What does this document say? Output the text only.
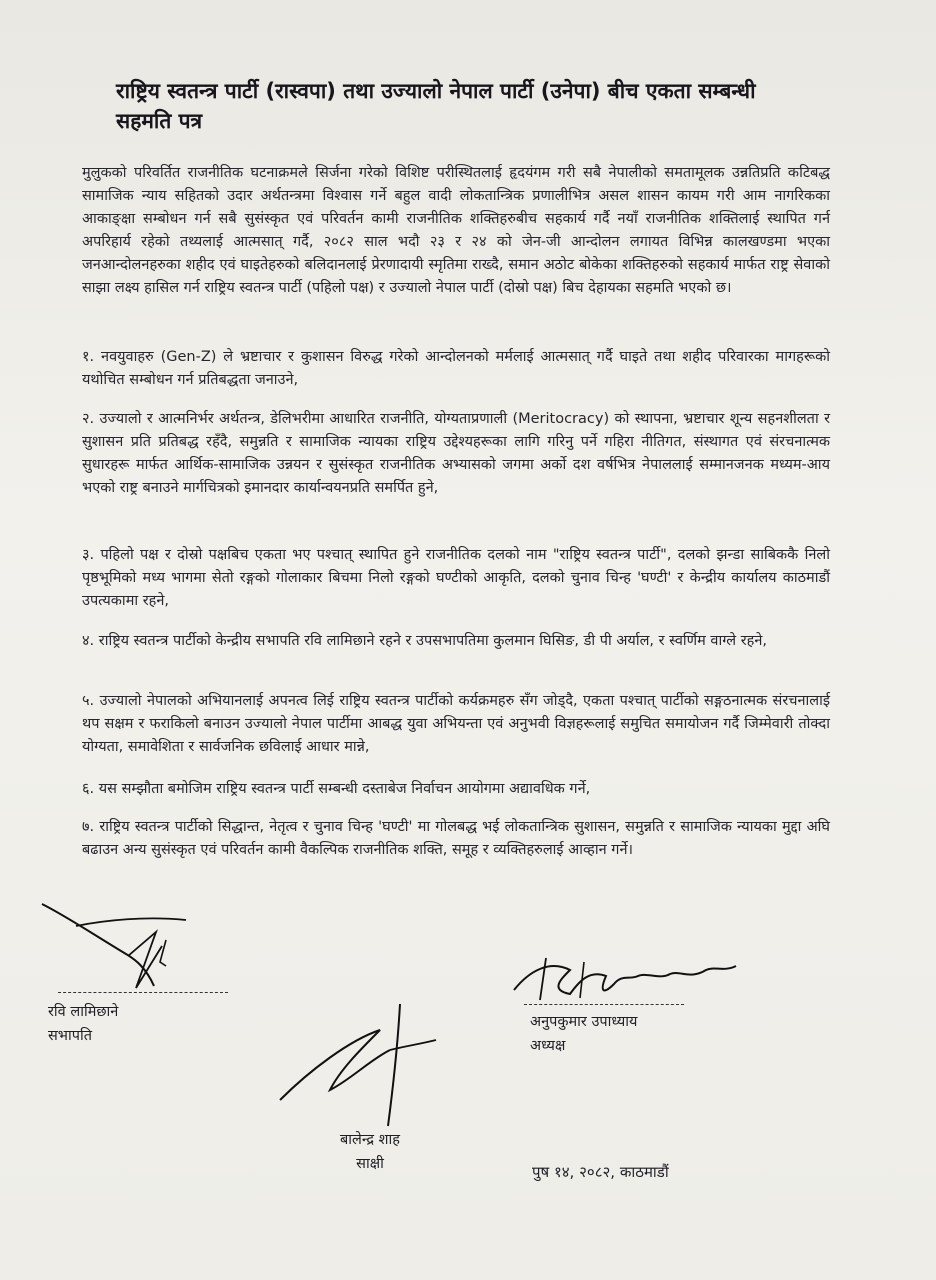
राष्ट्रिय स्वतन्त्र पार्टी (रास्वपा) तथा उज्यालो नेपाल पार्टी (उनेपा) बीच एकता सम्बन्धी सहमति पत्र

मुलुकको परिवर्तित राजनीतिक घटनाक्रमले सिर्जना गरेको विशिष्ट परीस्थितलाई हृदयंगम गरी सबै नेपालीको समतामूलक उन्नतिप्रति कटिबद्ध सामाजिक न्याय सहितको उदार अर्थतन्त्रमा विश्वास गर्ने बहुल वादी लोकतान्त्रिक प्रणालीभित्र असल शासन कायम गरी आम नागरिकका आकाङ्क्षा सम्बोधन गर्न सबै सुसंस्कृत एवं परिवर्तन कामी राजनीतिक शक्तिहरुबीच सहकार्य गर्दै नयाँ राजनीतिक शक्तिलाई स्थापित गर्न अपरिहार्य रहेको तथ्यलाई आत्मसात् गर्दै, २०८२ साल भदौ २३ र २४ को जेन-जी आन्दोलन लगायत विभिन्न कालखण्डमा भएका जनआन्दोलनहरुका शहीद एवं घाइतेहरुको बलिदानलाई प्रेरणादायी स्मृतिमा राख्दै, समान अठोट बोकेका शक्तिहरुको सहकार्य मार्फत राष्ट्र सेवाको साझा लक्ष्य हासिल गर्न राष्ट्रिय स्वतन्त्र पार्टी (पहिलो पक्ष) र उज्यालो नेपाल पार्टी (दोस्रो पक्ष) बिच देहायका सहमति भएको छ।

१. नवयुवाहरु (Gen-Z) ले भ्रष्टाचार र कुशासन विरुद्ध गरेको आन्दोलनको मर्मलाई आत्मसात् गर्दै घाइते तथा शहीद परिवारका मागहरूको यथोचित सम्बोधन गर्न प्रतिबद्धता जनाउने,

२. उज्यालो र आत्मनिर्भर अर्थतन्त्र, डेलिभरीमा आधारित राजनीति, योग्यताप्रणाली (Meritocracy) को स्थापना, भ्रष्टाचार शून्य सहनशीलता र सुशासन प्रति प्रतिबद्ध रहँदै, समुन्नति र सामाजिक न्यायका राष्ट्रिय उद्देश्यहरूका लागि गरिनु पर्ने गहिरा नीतिगत, संस्थागत एवं संरचनात्मक सुधारहरू मार्फत आर्थिक-सामाजिक उन्नयन र सुसंस्कृत राजनीतिक अभ्यासको जगमा अर्को दश वर्षभित्र नेपाललाई सम्मानजनक मध्यम-आय भएको राष्ट्र बनाउने मार्गचित्रको इमानदार कार्यान्वयनप्रति समर्पित हुने,

३. पहिलो पक्ष र दोस्रो पक्षबिच एकता भए पश्चात् स्थापित हुने राजनीतिक दलको नाम "राष्ट्रिय स्वतन्त्र पार्टी", दलको झन्डा साबिककै निलो पृष्ठभूमिको मध्य भागमा सेतो रङ्गको गोलाकार बिचमा निलो रङ्गको घण्टीको आकृति, दलको चुनाव चिन्ह 'घण्टी' र केन्द्रीय कार्यालय काठमाडौं उपत्यकामा रहने,

४. राष्ट्रिय स्वतन्त्र पार्टीको केन्द्रीय सभापति रवि लामिछाने रहने र उपसभापतिमा कुलमान घिसिङ, डी पी अर्याल, र स्वर्णिम वाग्ले रहने,

५. उज्यालो नेपालको अभियानलाई अपनत्व लिई राष्ट्रिय स्वतन्त्र पार्टीको कर्यक्रमहरु सँग जोड्दै, एकता पश्चात् पार्टीको सङ्गठनात्मक संरचनालाई थप सक्षम र फराकिलो बनाउन उज्यालो नेपाल पार्टीमा आबद्ध युवा अभियन्ता एवं अनुभवी विज्ञहरूलाई समुचित समायोजन गर्दै जिम्मेवारी तोक्दा योग्यता, समावेशिता र सार्वजनिक छविलाई आधार मान्ने,

६. यस सम्झौता बमोजिम राष्ट्रिय स्वतन्त्र पार्टी सम्बन्धी दस्ताबेज निर्वाचन आयोगमा अद्यावधिक गर्ने,

७. राष्ट्रिय स्वतन्त्र पार्टीको सिद्धान्त, नेतृत्व र चुनाव चिन्ह 'घण्टी' मा गोलबद्ध भई लोकतान्त्रिक सुशासन, समुन्नति र सामाजिक न्यायका मुद्दा अघि बढाउन अन्य सुसंस्कृत एवं परिवर्तन कामी वैकल्पिक राजनीतिक शक्ति, समूह र व्यक्तिहरुलाई आव्हान गर्ने।

रवि लामिछाने
सभापति
अनुपकुमार उपाध्याय
अध्यक्ष
बालेन्द्र शाह
साक्षी	पुष १४, २०८२, काठमाडौं
